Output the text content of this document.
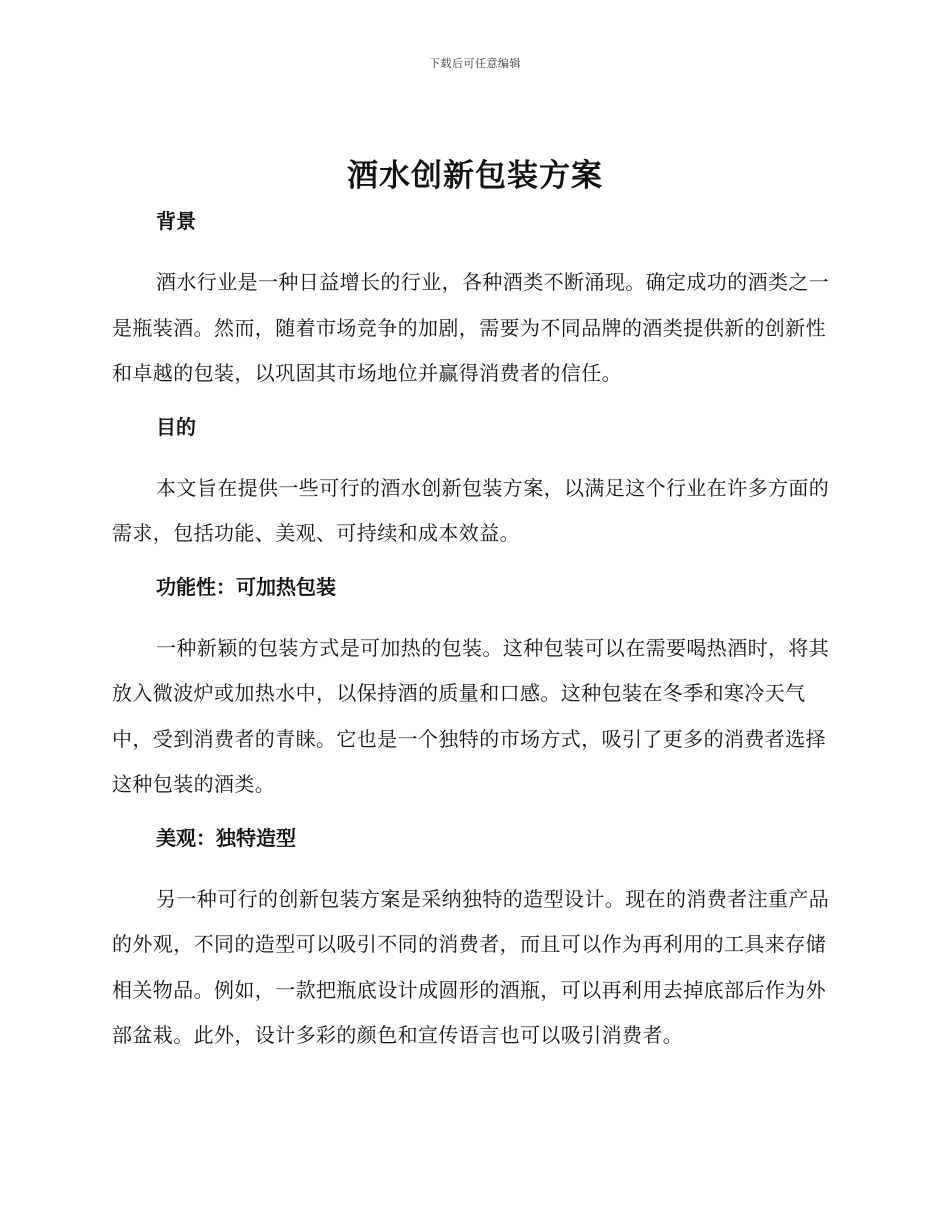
下载后可任意编辑
酒水创新包装方案

背景

酒水行业是一种日益增长的行业，各种酒类不断涌现。确定成功的酒类之一是瓶装酒。然而，随着市场竞争的加剧，需要为不同品牌的酒类提供新的创新性和卓越的包装，以巩固其市场地位并赢得消费者的信任。

目的

本文旨在提供一些可行的酒水创新包装方案，以满足这个行业在许多方面的需求，包括功能、美观、可持续和成本效益。

功能性：可加热包装

一种新颖的包装方式是可加热的包装。这种包装可以在需要喝热酒时，将其放入微波炉或加热水中，以保持酒的质量和口感。这种包装在冬季和寒冷天气中，受到消费者的青睐。它也是一个独特的市场方式，吸引了更多的消费者选择这种包装的酒类。

美观：独特造型

另一种可行的创新包装方案是采纳独特的造型设计。现在的消费者注重产品的外观，不同的造型可以吸引不同的消费者，而且可以作为再利用的工具来存储相关物品。例如，一款把瓶底设计成圆形的酒瓶，可以再利用去掉底部后作为外部盆栽。此外，设计多彩的颜色和宣传语言也可以吸引消费者。
